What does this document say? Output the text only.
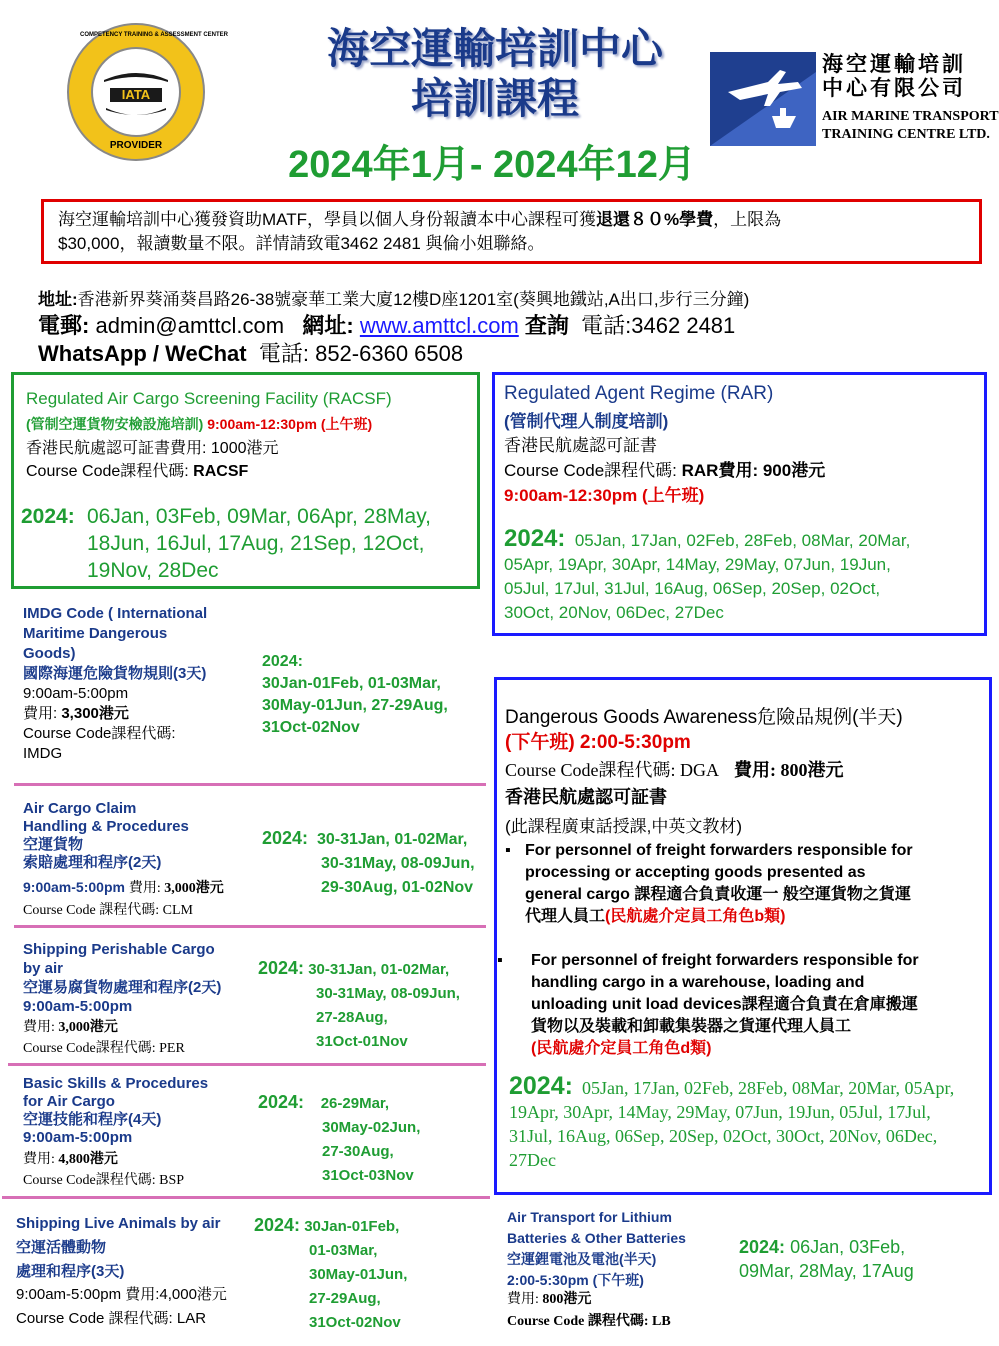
COMPETENCY TRAINING & ASSESSMENT CENTER
IATA
PROVIDER
海空運輸培訓中心
培訓課程
2024年1月- 2024年12月
海空運輸培訓
中心有限公司
AIR MARINE TRANSPORT
TRAINING CENTRE LTD.
海空運輸培訓中心獲發資助MATF，學員以個人身份報讀本中心課程可獲退還８０%學費，上限為
$30,000，報讀數量不限。詳情請致電3462 2481 與倫小姐聯絡。
地址:香港新界葵涌葵昌路26-38號豪華工業大廈12樓D座1201室(葵興地鐵站,A出口,步行三分鐘)
電郵: admin@amttcl.com 網址: www.amttcl.com 查詢 電話:3462 2481
WhatsApp / WeChat 電話: 852-6360 6508
Regulated Air Cargo Screening Facility (RACSF)
(管制空運貨物安檢設施培訓) 9:00am-12:30pm (上午班)
香港民航處認可証書費用: 1000港元
Course Code課程代碼: RACSF
2024: 06Jan, 03Feb, 09Mar, 06Apr, 28May,
18Jun, 16Jul, 17Aug, 21Sep, 12Oct,
19Nov, 28Dec
Regulated Agent Regime (RAR)
(管制代理人制度培訓)
香港民航處認可証書
Course Code課程代碼: RAR費用: 900港元
9:00am-12:30pm (上午班)
2024: 05Jan, 17Jan, 02Feb, 28Feb, 08Mar, 20Mar,
05Apr, 19Apr, 30Apr, 14May, 29May, 07Jun, 19Jun,
05Jul, 17Jul, 31Jul, 16Aug, 06Sep, 20Sep, 02Oct,
30Oct, 20Nov, 06Dec, 27Dec
IMDG Code ( International
Maritime Dangerous
Goods)
國際海運危險貨物規則(3天)
9:00am-5:00pm
費用: 3,300港元
Course Code課程代碼:
IMDG
2024:
30Jan-01Feb, 01-03Mar,
30May-01Jun, 27-29Aug,
31Oct-02Nov
Air Cargo Claim
Handling & Procedures
空運貨物
索賠處理和程序(2天)
9:00am-5:00pm 費用: 3,000港元
Course Code 課程代碼: CLM
2024: 30-31Jan, 01-02Mar,
30-31May, 08-09Jun,
29-30Aug, 01-02Nov
Shipping Perishable Cargo
by air
空運易腐貨物處理和程序(2天)
9:00am-5:00pm
費用: 3,000港元
Course Code課程代碼: PER
2024: 30-31Jan, 01-02Mar,
30-31May, 08-09Jun,
27-28Aug,
31Oct-01Nov
Basic Skills & Procedures
for Air Cargo
空運技能和程序(4天)
9:00am-5:00pm
費用: 4,800港元
Course Code課程代碼: BSP
2024: 26-29Mar,
30May-02Jun,
27-30Aug,
31Oct-03Nov
Shipping Live Animals by air
空運活體動物
處理和程序(3天)
9:00am-5:00pm 費用:4,000港元
Course Code 課程代碼: LAR
2024: 30Jan-01Feb,
01-03Mar,
30May-01Jun,
27-29Aug,
31Oct-02Nov
Dangerous Goods Awareness危險品規例(半天)
(下午班) 2:00-5:30pm
Course Code課程代碼: DGA 費用: 800港元
香港民航處認可証書
(此課程廣東話授課,中英文教材)
▪ For personnel of freight forwarders responsible for
processing or accepting goods presented as
general cargo 課程適合負責收運一 般空運貨物之貨運
代理人員工(民航處介定員工角色b類)
▪ For personnel of freight forwarders responsible for
handling cargo in a warehouse, loading and
unloading unit load devices課程適合負責在倉庫搬運
貨物以及裝載和卸載集裝器之貨運代理人員工
(民航處介定員工角色d類)
2024: 05Jan, 17Jan, 02Feb, 28Feb, 08Mar, 20Mar, 05Apr,
19Apr, 30Apr, 14May, 29May, 07Jun, 19Jun, 05Jul, 17Jul,
31Jul, 16Aug, 06Sep, 20Sep, 02Oct, 30Oct, 20Nov, 06Dec,
27Dec
Air Transport for Lithium
Batteries & Other Batteries
空運鋰電池及電池(半天)
2:00-5:30pm (下午班)
費用: 800港元
Course Code 課程代碼: LB
2024: 06Jan, 03Feb,
09Mar, 28May, 17Aug
